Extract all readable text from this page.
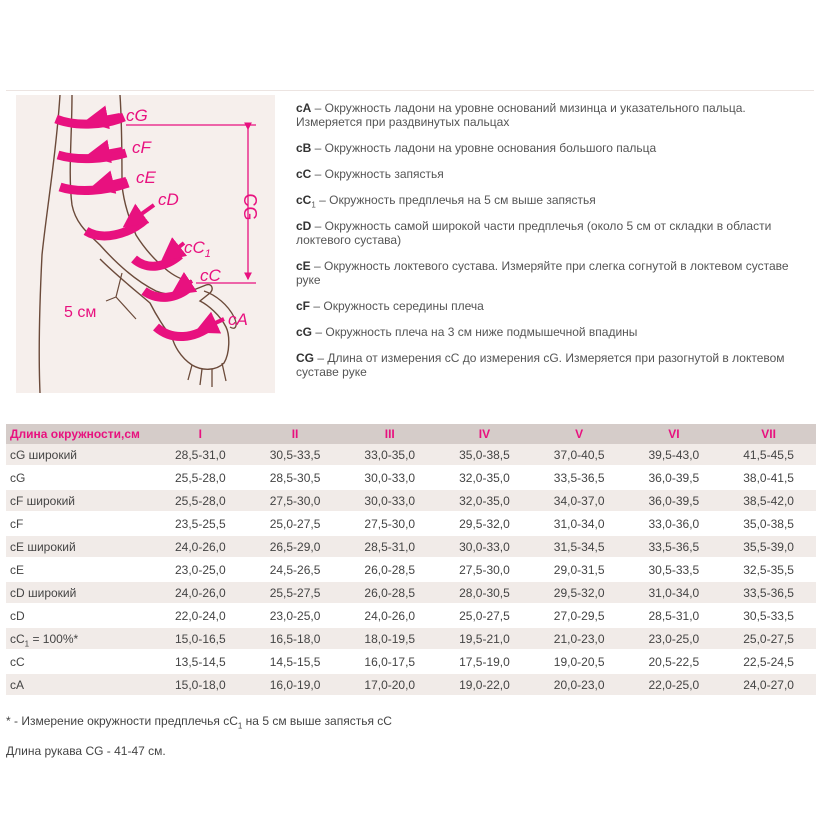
cG
cF
cE
cD
$cC_1$
cC
cA
CG
5 см
cA – Окружность ладони на уровне оснований мизинца и указательного пальца. Измеряется при раздвинутых пальцах
cB – Окружность ладони на уровне основания большого пальца
cC – Окружность запястья
$cC_1$ – Окружность предплечья на 5 см выше запястья
cD – Окружность самой широкой части предплечья (около 5 см от складки в области локтевого сустава)
cE – Окружность локтевого сустава. Измеряйте при слегка согнутой в локтевом суставе руке
cF – Окружность середины плеча
cG – Окружность плеча на 3 см ниже подмышечной впадины
CG – Длина от измерения cC до измерения cG. Измеряется при разогнутой в локтевом суставе руке
Длина окружности,см	I	II	III	IV	V	VI	VII
cG широкий	28,5-31,0	30,5-33,5	33,0-35,0	35,0-38,5	37,0-40,5	39,5-43,0	41,5-45,5
cG	25,5-28,0	28,5-30,5	30,0-33,0	32,0-35,0	33,5-36,5	36,0-39,5	38,0-41,5
cF широкий	25,5-28,0	27,5-30,0	30,0-33,0	32,0-35,0	34,0-37,0	36,0-39,5	38,5-42,0
cF	23,5-25,5	25,0-27,5	27,5-30,0	29,5-32,0	31,0-34,0	33,0-36,0	35,0-38,5
cE широкий	24,0-26,0	26,5-29,0	28,5-31,0	30,0-33,0	31,5-34,5	33,5-36,5	35,5-39,0
cE	23,0-25,0	24,5-26,5	26,0-28,5	27,5-30,0	29,0-31,5	30,5-33,5	32,5-35,5
cD широкий	24,0-26,0	25,5-27,5	26,0-28,5	28,0-30,5	29,5-32,0	31,0-34,0	33,5-36,5
cD	22,0-24,0	23,0-25,0	24,0-26,0	25,0-27,5	27,0-29,5	28,5-31,0	30,5-33,5
$cC_1 = 100\%*$	15,0-16,5	16,5-18,0	18,0-19,5	19,5-21,0	21,0-23,0	23,0-25,0	25,0-27,5
cC	13,5-14,5	14,5-15,5	16,0-17,5	17,5-19,0	19,0-20,5	20,5-22,5	22,5-24,5
cA	15,0-18,0	16,0-19,0	17,0-20,0	19,0-22,0	20,0-23,0	22,0-25,0	24,0-27,0
* - Измерение окружности предплечья $cC_1$ на 5 см выше запястья cC
Длина рукава CG - 41-47 см.
